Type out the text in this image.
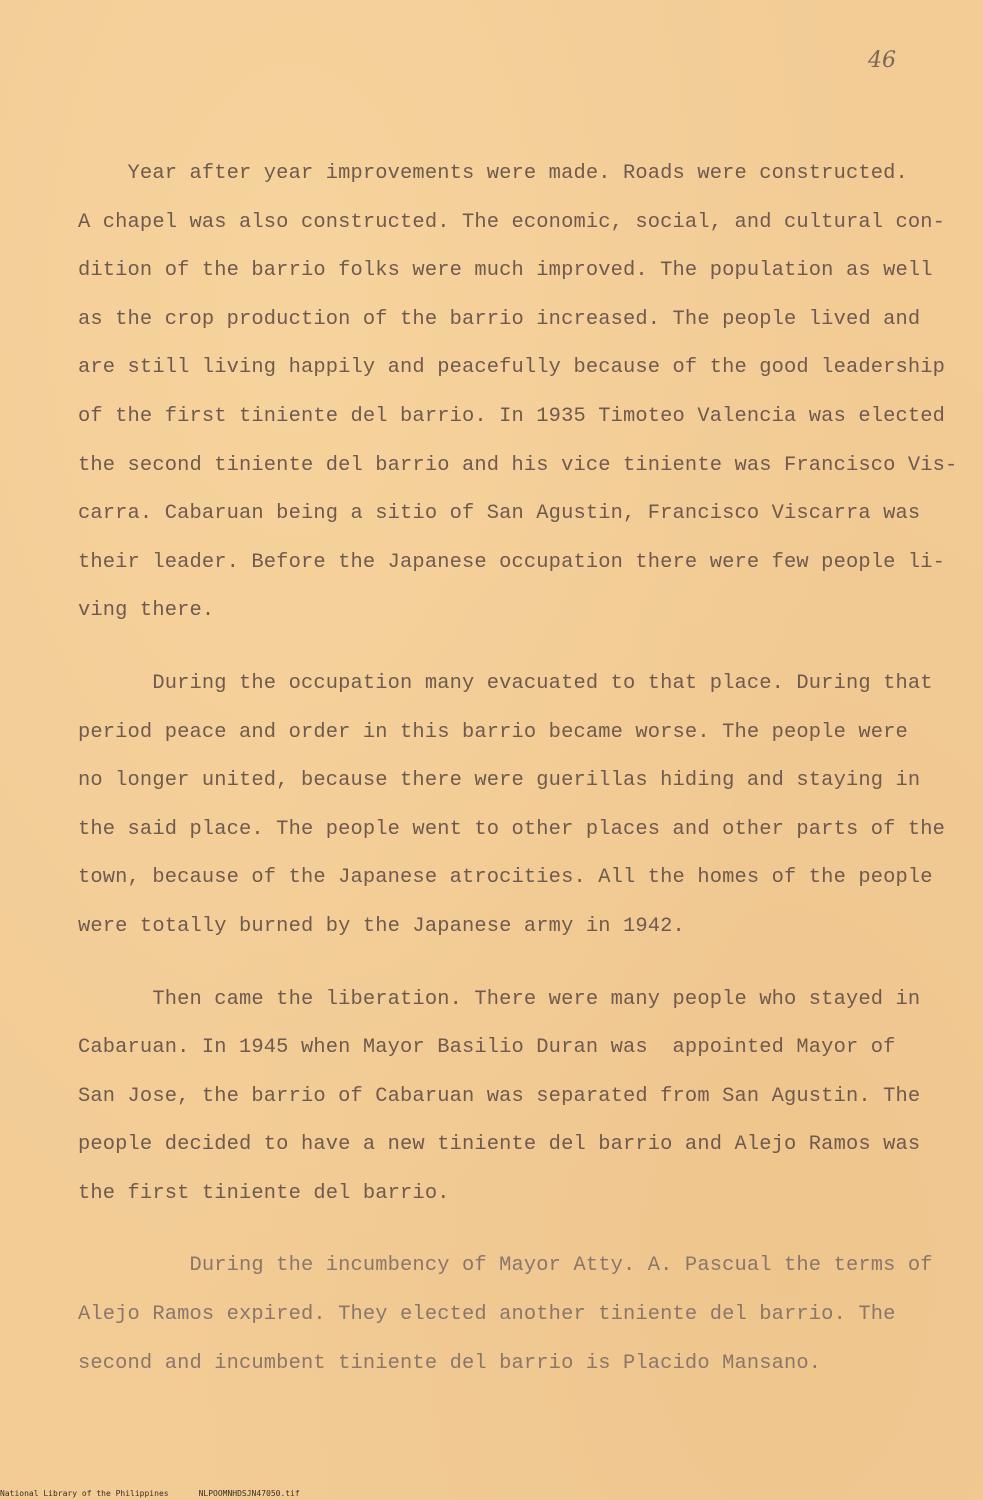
46
Year after year improvements were made. Roads were constructed.
A chapel was also constructed. The economic, social, and cultural con-
dition of the barrio folks were much improved. The population as well
as the crop production of the barrio increased. The people lived and
are still living happily and peacefully because of the good leadership
of the first tiniente del barrio. In 1935 Timoteo Valencia was elected
the second tiniente del barrio and his vice tiniente was Francisco Vis-
carra. Cabaruan being a sitio of San Agustin, Francisco Viscarra was
their leader. Before the Japanese occupation there were few people li-
ving there.
During the occupation many evacuated to that place. During that
period peace and order in this barrio became worse. The people were
no longer united, because there were guerillas hiding and staying in
the said place. The people went to other places and other parts of the
town, because of the Japanese atrocities. All the homes of the people
were totally burned by the Japanese army in 1942.
Then came the liberation. There were many people who stayed in
Cabaruan. In 1945 when Mayor Basilio Duran was  appointed Mayor of
San Jose, the barrio of Cabaruan was separated from San Agustin. The
people decided to have a new tiniente del barrio and Alejo Ramos was
the first tiniente del barrio.
During the incumbency of Mayor Atty. A. Pascual the terms of
Alejo Ramos expired. They elected another tiniente del barrio. The
second and incumbent tiniente del barrio is Placido Mansano.
National Library of the Philippines	NLPOOMNHDSJN47050.tif
